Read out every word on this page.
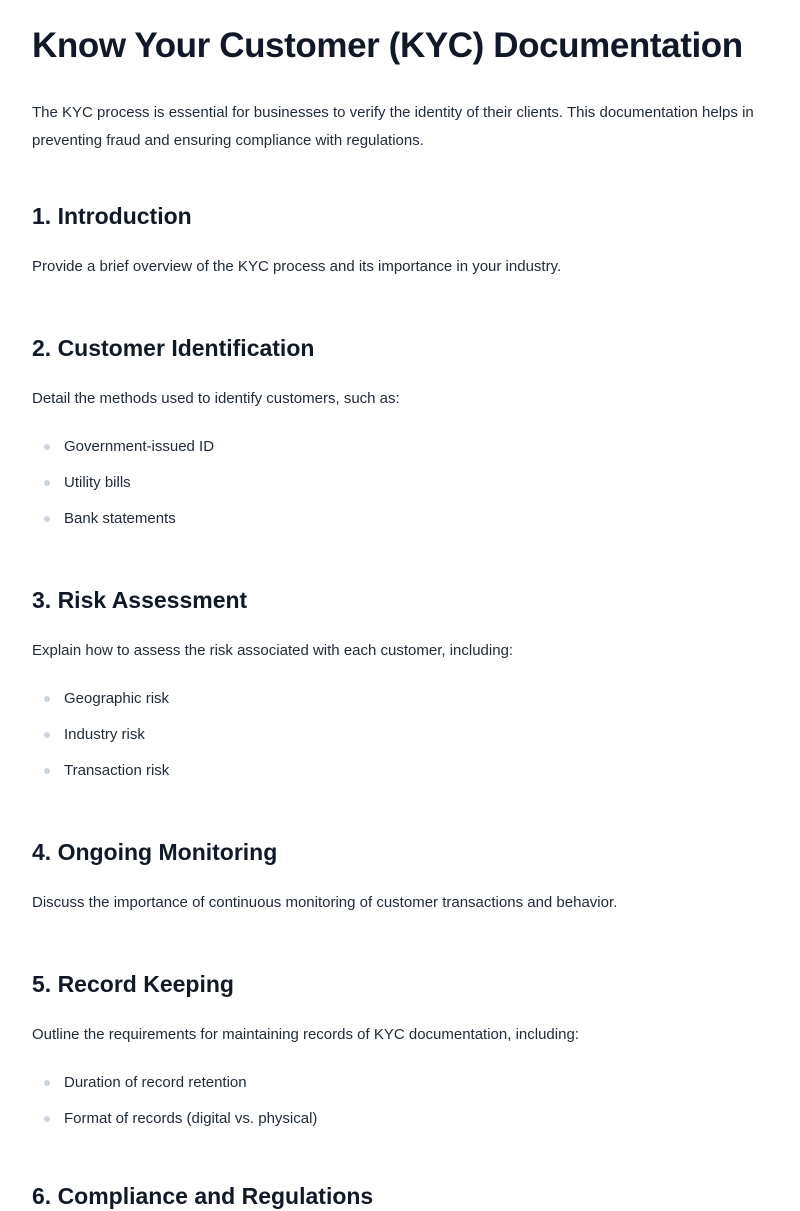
Know Your Customer (KYC) Documentation

The KYC process is essential for businesses to verify the identity of their clients. This documentation helps in preventing fraud and ensuring compliance with regulations.

1. Introduction

Provide a brief overview of the KYC process and its importance in your industry.

2. Customer Identification

Detail the methods used to identify customers, such as:

Government-issued ID
Utility bills
Bank statements
3. Risk Assessment

Explain how to assess the risk associated with each customer, including:

Geographic risk
Industry risk
Transaction risk
4. Ongoing Monitoring

Discuss the importance of continuous monitoring of customer transactions and behavior.

5. Record Keeping

Outline the requirements for maintaining records of KYC documentation, including:

Duration of record retention
Format of records (digital vs. physical)
6. Compliance and Regulations
